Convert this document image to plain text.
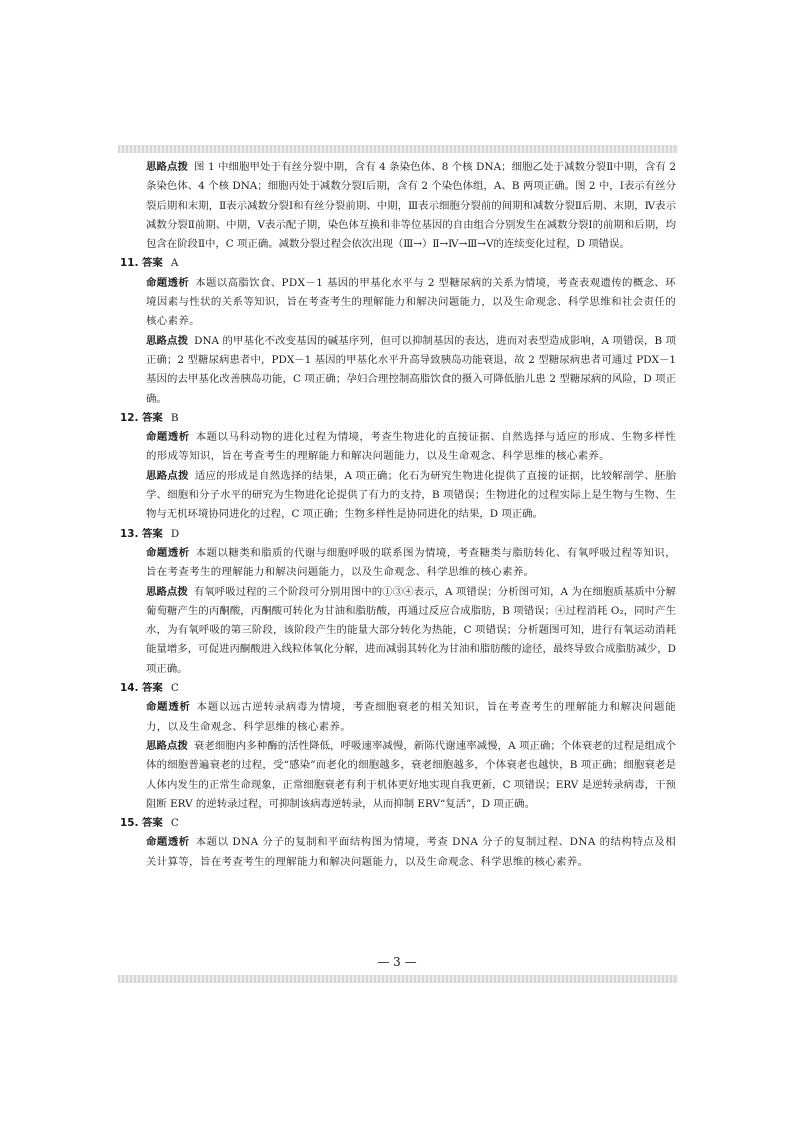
思路点拨 图 1 中细胞甲处于有丝分裂中期，含有 4 条染色体、8 个核 DNA；细胞乙处于减数分裂Ⅱ中期，含有 2 条染色体、4 个核 DNA；细胞丙处于减数分裂Ⅰ后期，含有 2 个染色体组，A、B 两项正确。图 2 中，Ⅰ表示有丝分裂后期和末期，Ⅱ表示减数分裂Ⅰ和有丝分裂前期、中期，Ⅲ表示细胞分裂前的间期和减数分裂Ⅱ后期、末期，Ⅳ表示减数分裂Ⅱ前期、中期，Ⅴ表示配子期，染色体互换和非等位基因的自由组合分别发生在减数分裂Ⅰ的前期和后期，均包含在阶段Ⅱ中，C 项正确。减数分裂过程会依次出现（Ⅲ→）Ⅱ→Ⅳ→Ⅲ→Ⅴ的连续变化过程，D 项错误。

11. 答案 A

命题透析 本题以高脂饮食、PDX－1 基因的甲基化水平与 2 型糖尿病的关系为情境，考查表观遗传的概念、环境因素与性状的关系等知识，旨在考查考生的理解能力和解决问题能力，以及生命观念、科学思维和社会责任的核心素养。

思路点拨 DNA 的甲基化不改变基因的碱基序列，但可以抑制基因的表达，进而对表型造成影响，A 项错误，B 项正确；2 型糖尿病患者中，PDX－1 基因的甲基化水平升高导致胰岛功能衰退，故 2 型糖尿病患者可通过 PDX－1 基因的去甲基化改善胰岛功能，C 项正确；孕妇合理控制高脂饮食的摄入可降低胎儿患 2 型糖尿病的风险，D 项正确。

12. 答案 B

命题透析 本题以马科动物的进化过程为情境，考查生物进化的直接证据、自然选择与适应的形成、生物多样性的形成等知识，旨在考查考生的理解能力和解决问题能力，以及生命观念、科学思维的核心素养。

思路点拨 适应的形成是自然选择的结果，A 项正确；化石为研究生物进化提供了直接的证据，比较解剖学、胚胎学、细胞和分子水平的研究为生物进化论提供了有力的支持，B 项错误；生物进化的过程实际上是生物与生物、生物与无机环境协同进化的过程，C 项正确；生物多样性是协同进化的结果，D 项正确。

13. 答案 D

命题透析 本题以糖类和脂质的代谢与细胞呼吸的联系图为情境，考查糖类与脂肪转化、有氧呼吸过程等知识，旨在考查考生的理解能力和解决问题能力，以及生命观念、科学思维的核心素养。

思路点拨 有氧呼吸过程的三个阶段可分别用图中的①③④表示，A 项错误；分析图可知，A 为在细胞质基质中分解葡萄糖产生的丙酮酸，丙酮酸可转化为甘油和脂肪酸，再通过反应合成脂肪，B 项错误；④过程消耗 O₂，同时产生水，为有氧呼吸的第三阶段，该阶段产生的能量大部分转化为热能，C 项错误；分析题图可知，进行有氧运动消耗能量增多，可促进丙酮酸进入线粒体氧化分解，进而减弱其转化为甘油和脂肪酸的途径，最终导致合成脂肪减少，D 项正确。

14. 答案 C

命题透析 本题以远古逆转录病毒为情境，考查细胞衰老的相关知识，旨在考查考生的理解能力和解决问题能力，以及生命观念、科学思维的核心素养。

思路点拨 衰老细胞内多种酶的活性降低，呼吸速率减慢，新陈代谢速率减慢，A 项正确；个体衰老的过程是组成个体的细胞普遍衰老的过程，受“感染”而老化的细胞越多，衰老细胞越多，个体衰老也越快，B 项正确；细胞衰老是人体内发生的正常生命现象，正常细胞衰老有利于机体更好地实现自我更新，C 项错误；ERV 是逆转录病毒，干预阻断 ERV 的逆转录过程，可抑制该病毒逆转录，从而抑制 ERV“复活”，D 项正确。

15. 答案 C

命题透析 本题以 DNA 分子的复制和平面结构图为情境，考查 DNA 分子的复制过程、DNA 的结构特点及相关计算等，旨在考查考生的理解能力和解决问题能力，以及生命观念、科学思维的核心素养。

— 3 —
